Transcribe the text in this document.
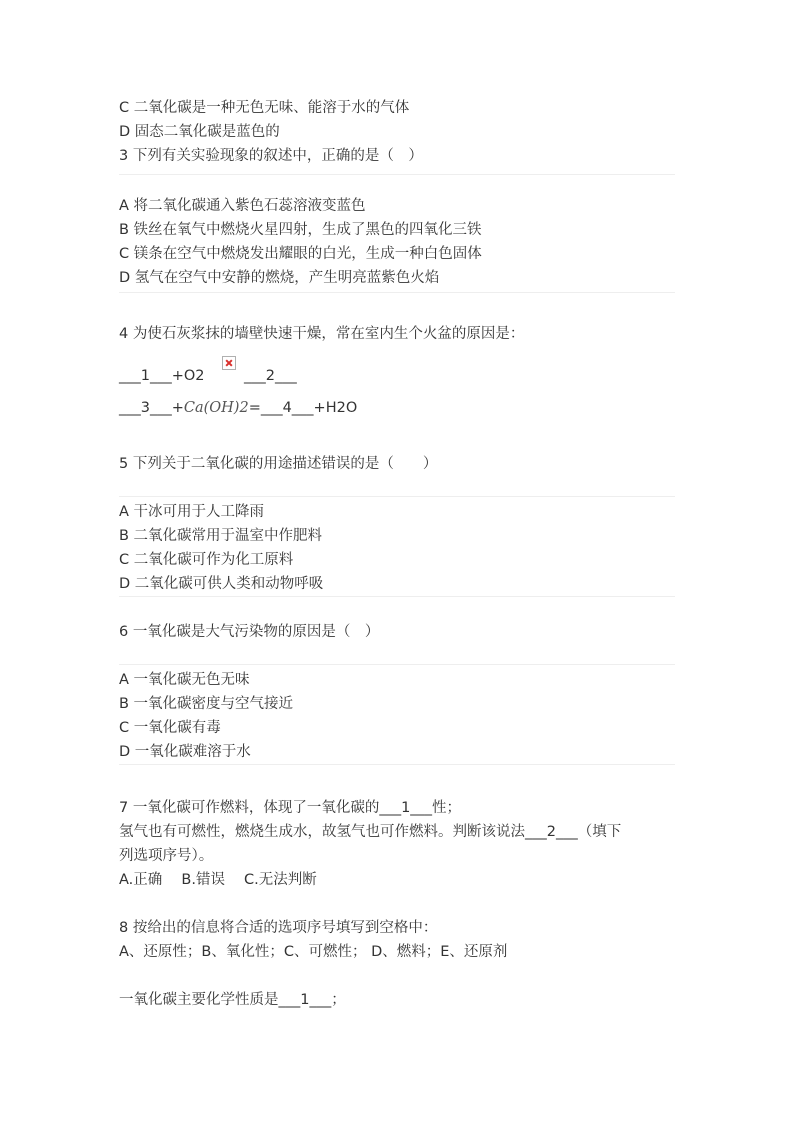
C 二氧化碳是一种无色无味、能溶于水的气体
D 固态二氧化碳是蓝色的
3 下列有关实验现象的叙述中，正确的是（　）
A 将二氧化碳通入紫色石蕊溶液变蓝色
B 铁丝在氧气中燃烧火星四射，生成了黑色的四氧化三铁
C 镁条在空气中燃烧发出耀眼的白光，生成一种白色固体
D 氢气在空气中安静的燃烧，产生明亮蓝紫色火焰
4 为使石灰浆抹的墙壁快速干燥，常在室内生个火盆的原因是：
___1___+O2	___2___
___3___+Ca(OH)2=___4___+H2O
5 下列关于二氧化碳的用途描述错误的是（　　）
A 干冰可用于人工降雨
B 二氧化碳常用于温室中作肥料
C 二氧化碳可作为化工原料
D 二氧化碳可供人类和动物呼吸
6 一氧化碳是大气污染物的原因是（　）
A 一氧化碳无色无味
B 一氧化碳密度与空气接近
C 一氧化碳有毒
D 一氧化碳难溶于水
7 一氧化碳可作燃料，体现了一氧化碳的___1___性；
氢气也有可燃性，燃烧生成水，故氢气也可作燃料。判断该说法___2___（填下
列选项序号）。
A.正确　 B.错误　 C.无法判断
8 按给出的信息将合适的选项序号填写到空格中：
A、还原性；B、氧化性；C、可燃性； D、燃料；E、还原剂
一氧化碳主要化学性质是___1___；
